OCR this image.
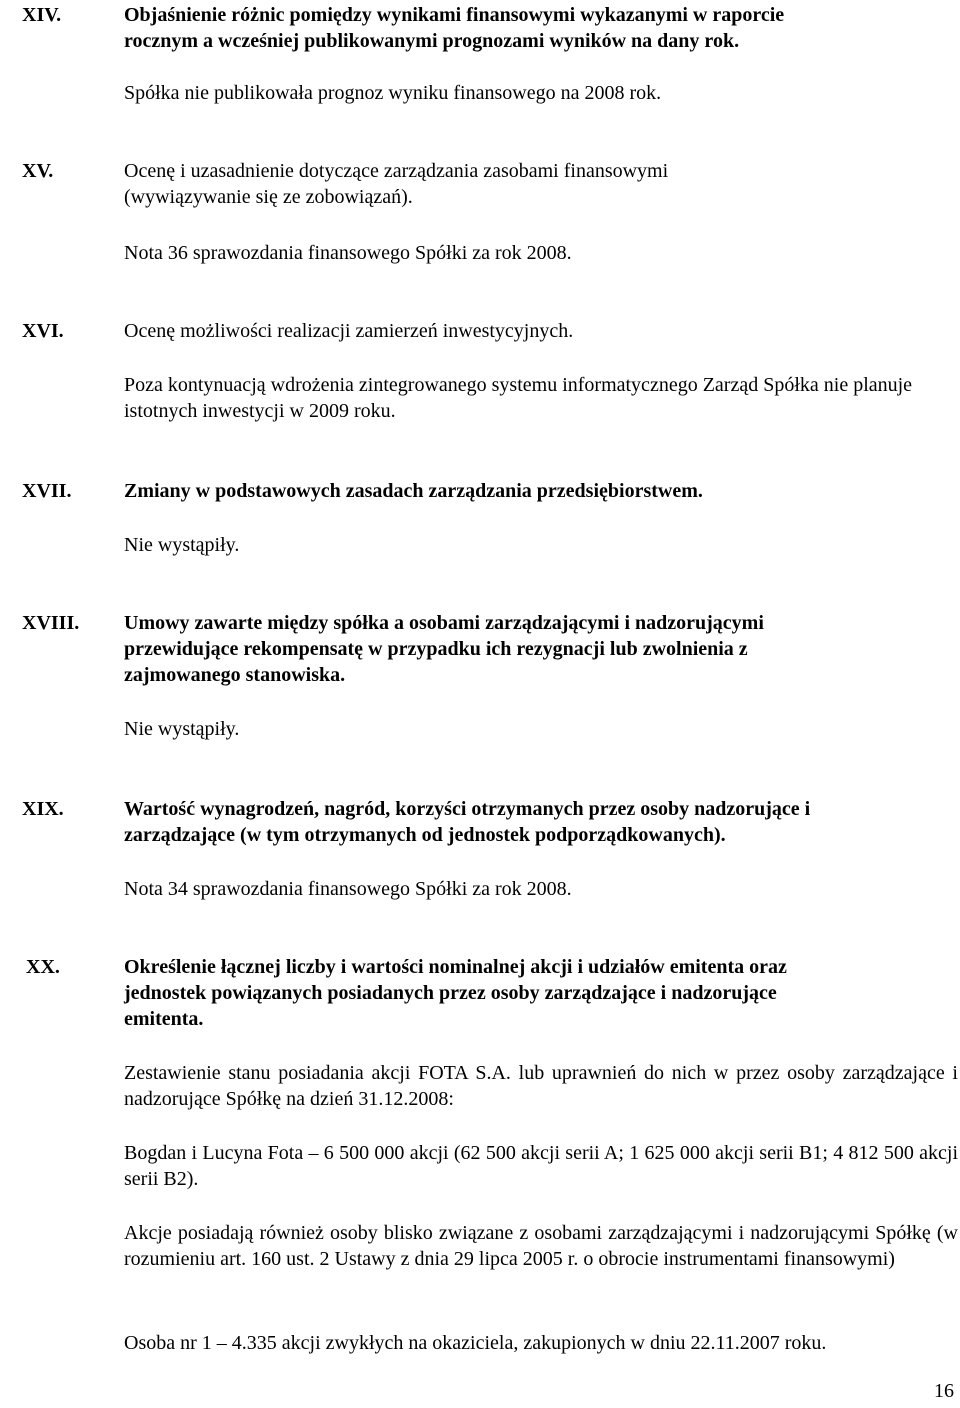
XIV.	Objaśnienie różnic pomiędzy wynikami finansowymi wykazanymi w raporcie
rocznym a wcześniej publikowanymi prognozami wyników na dany rok.
Spółka nie publikowała prognoz wyniku finansowego na 2008 rok.
XV.	Ocenę i uzasadnienie dotyczące zarządzania zasobami finansowymi
(wywiązywanie się ze zobowiązań).
Nota 36 sprawozdania finansowego Spółki za rok 2008.
XVI.	Ocenę możliwości realizacji zamierzeń inwestycyjnych.
Poza kontynuacją wdrożenia zintegrowanego systemu informatycznego Zarząd Spółka nie planuje istotnych inwestycji w 2009 roku.
XVII.	Zmiany w podstawowych zasadach zarządzania przedsiębiorstwem.
Nie wystąpiły.
XVIII. Umowy zawarte między spółka a osobami zarządzającymi i nadzorującymi
przewidujące rekompensatę w przypadku ich rezygnacji lub zwolnienia z
zajmowanego stanowiska.
Nie wystąpiły.
XIX.	Wartość wynagrodzeń, nagród, korzyści otrzymanych przez osoby nadzorujące i
zarządzające (w tym otrzymanych od jednostek podporządkowanych).
Nota 34 sprawozdania finansowego Spółki za rok 2008.
XX.	Określenie łącznej liczby i wartości nominalnej akcji i udziałów emitenta oraz
jednostek powiązanych posiadanych przez osoby zarządzające i nadzorujące
emitenta.
Zestawienie stanu posiadania akcji FOTA S.A. lub uprawnień do nich w przez osoby zarządzające i nadzorujące Spółkę na dzień 31.12.2008:
Bogdan i Lucyna Fota – 6 500 000 akcji (62 500 akcji serii A; 1 625 000 akcji serii B1; 4 812 500 akcji serii B2).
Akcje posiadają również osoby blisko związane z osobami zarządzającymi i nadzorującymi Spółkę (w rozumieniu art. 160 ust. 2 Ustawy z dnia 29 lipca 2005 r. o obrocie instrumentami finansowymi)
Osoba nr 1 – 4.335 akcji zwykłych na okaziciela, zakupionych w dniu 22.11.2007 roku.
16
